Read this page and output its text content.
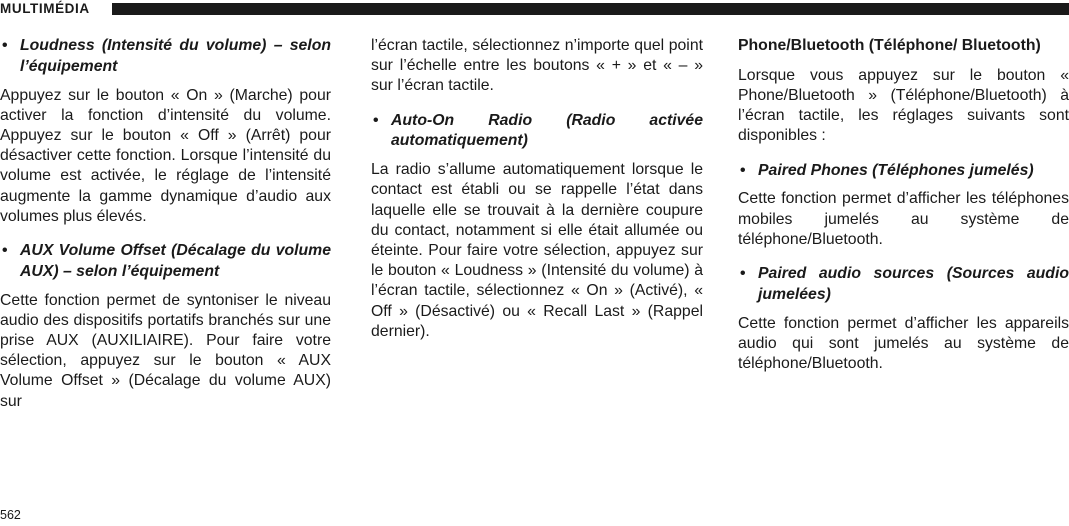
MULTIMÉDIA

• Loudness (Intensité du volume) – selon l’équipement

Appuyez sur le bouton « On » (Marche) pour activer la fonction d’intensité du volume. Appuyez sur le bouton « Off » (Arrêt) pour désactiver cette fonction. Lorsque l’intensité du volume est activée, le réglage de l’intensité augmente la gamme dynamique d’audio aux volumes plus élevés.

• AUX Volume Offset (Décalage du volume AUX) – selon l’équipement

Cette fonction permet de syntoniser le niveau audio des dispositifs portatifs branchés sur une prise AUX (AUXILIAIRE). Pour faire votre sélection, appuyez sur le bouton « AUX Volume Offset » (Décalage du volume AUX) sur

l’écran tactile, sélectionnez n’importe quel point sur l’échelle entre les boutons « + » et « – » sur l’écran tactile.

• Auto-On Radio (Radio activée automatiquement)

La radio s’allume automatiquement lorsque le contact est établi ou se rappelle l’état dans laquelle elle se trouvait à la dernière coupure du contact, notamment si elle était allumée ou éteinte. Pour faire votre sélection, appuyez sur le bouton « Loudness » (Intensité du volume) à l’écran tactile, sélectionnez « On » (Activé), « Off » (Désactivé) ou « Recall Last » (Rappel dernier).

Phone/Bluetooth (Téléphone/ Bluetooth)

Lorsque vous appuyez sur le bouton « Phone/Bluetooth » (Téléphone/Bluetooth) à l’écran tactile, les réglages suivants sont disponibles :

• Paired Phones (Téléphones jumelés)

Cette fonction permet d’afficher les téléphones mobiles jumelés au système de téléphone/Bluetooth.

• Paired audio sources (Sources audio jumelées)

Cette fonction permet d’afficher les appareils audio qui sont jumelés au système de téléphone/Bluetooth.

562
